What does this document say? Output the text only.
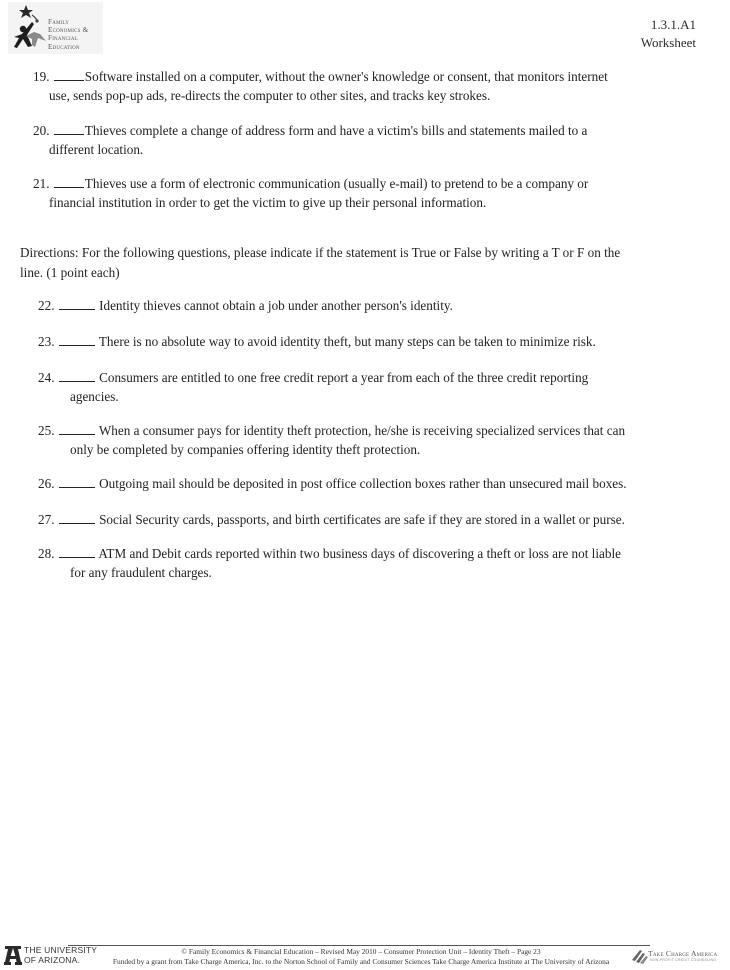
Family
Economics &
Financial
Education
1.3.1.A1
Worksheet
19.	Software installed on a computer, without the owner's knowledge or consent, that monitors internet
use, sends pop-up ads, re-directs the computer to other sites, and tracks key strokes.
20.	Thieves complete a change of address form and have a victim's bills and statements mailed to a
different location.
21.	Thieves use a form of electronic communication (usually e-mail) to pretend to be a company or
financial institution in order to get the victim to give up their personal information.
Directions: For the following questions, please indicate if the statement is True or False by writing a T or F on the
line. (1 point each)
22.	Identity thieves cannot obtain a job under another person's identity.
23.	There is no absolute way to avoid identity theft, but many steps can be taken to minimize risk.
24.	Consumers are entitled to one free credit report a year from each of the three credit reporting
agencies.
25.	When a consumer pays for identity theft protection, he/she is receiving specialized services that can
only be completed by companies offering identity theft protection.
26.	Outgoing mail should be deposited in post office collection boxes rather than unsecured mail boxes.
27.	Social Security cards, passports, and birth certificates are safe if they are stored in a wallet or purse.
28.	ATM and Debit cards reported within two business days of discovering a theft or loss are not liable
for any fraudulent charges.
THE UNIVERSITY
OF ARIZONA.
© Family Economics & Financial Education – Revised May 2010 – Consumer Protection Unit – Identity Theft – Page 23
Funded by a grant from Take Charge America, Inc. to the Norton School of Family and Consumer Sciences Take Charge America Institute at The University of Arizona
Take Charge America
NON-PROFIT CREDIT COUNSELING
